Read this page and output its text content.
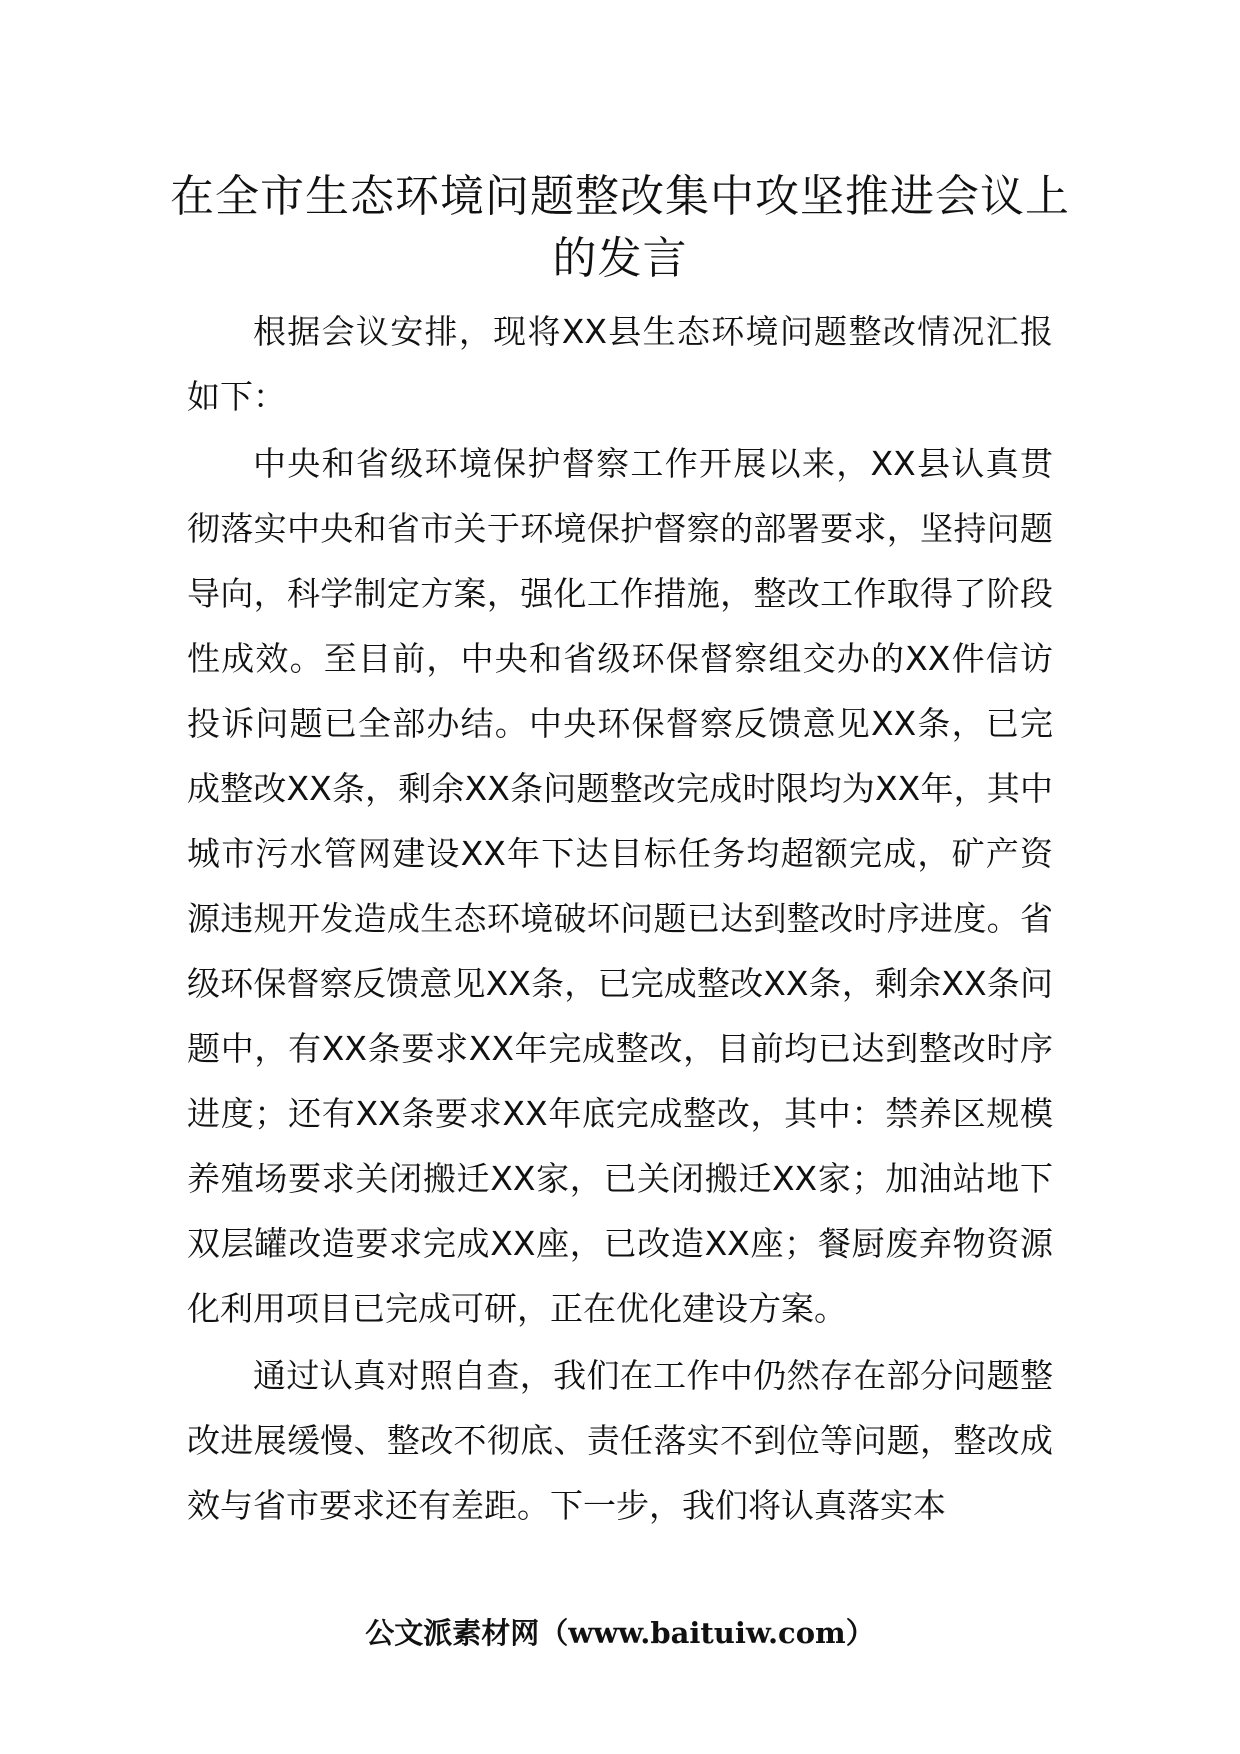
在全市生态环境问题整改集中攻坚推进会议上的发言

根据会议安排，现将XX县生态环境问题整改情况汇报如下：

中央和省级环境保护督察工作开展以来，XX县认真贯彻落实中央和省市关于环境保护督察的部署要求，坚持问题导向，科学制定方案，强化工作措施，整改工作取得了阶段性成效。至目前，中央和省级环保督察组交办的XX件信访投诉问题已全部办结。中央环保督察反馈意见XX条，已完成整改XX条，剩余XX条问题整改完成时限均为XX年，其中城市污水管网建设XX年下达目标任务均超额完成，矿产资源违规开发造成生态环境破坏问题已达到整改时序进度。省级环保督察反馈意见XX条，已完成整改XX条，剩余XX条问题中，有XX条要求XX年完成整改，目前均已达到整改时序进度；还有XX条要求XX年底完成整改，其中：禁养区规模养殖场要求关闭搬迁XX家，已关闭搬迁XX家；加油站地下双层罐改造要求完成XX座，已改造XX座；餐厨废弃物资源化利用项目已完成可研，正在优化建设方案。

通过认真对照自查，我们在工作中仍然存在部分问题整改进展缓慢、整改不彻底、责任落实不到位等问题，整改成效与省市要求还有差距。下一步，我们将认真落实本

公文派素材网（www.baituiw.com）
